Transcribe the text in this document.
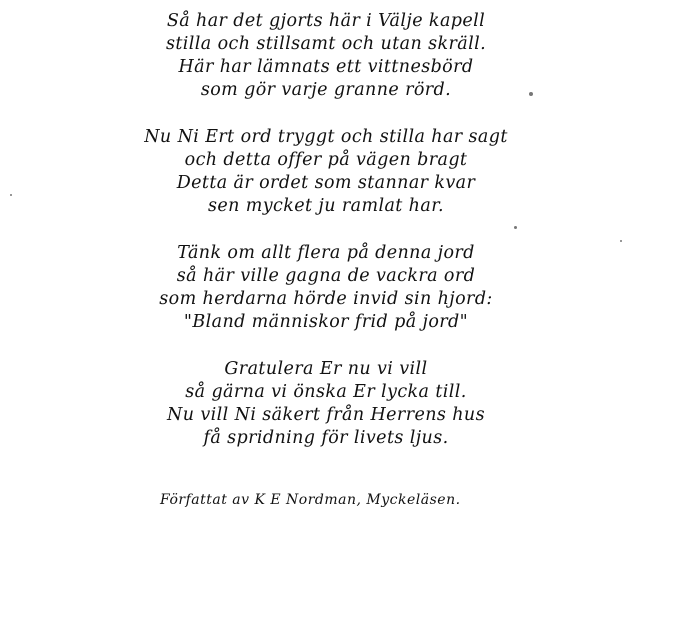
Så har det gjorts här i Välje kapell
stilla och stillsamt och utan skräll.
Här har lämnats ett vittnesbörd
som gör varje granne rörd.
Nu Ni Ert ord tryggt och stilla har sagt
och detta offer på vägen bragt
Detta är ordet som stannar kvar
sen mycket ju ramlat har.
Tänk om allt flera på denna jord
så här ville gagna de vackra ord
som herdarna hörde invid sin hjord:
"Bland människor frid på jord"
Gratulera Er nu vi vill
så gärna vi önska Er lycka till.
Nu vill Ni säkert från Herrens hus
få spridning för livets ljus.
Författat av K E Nordman, Myckeläsen.
